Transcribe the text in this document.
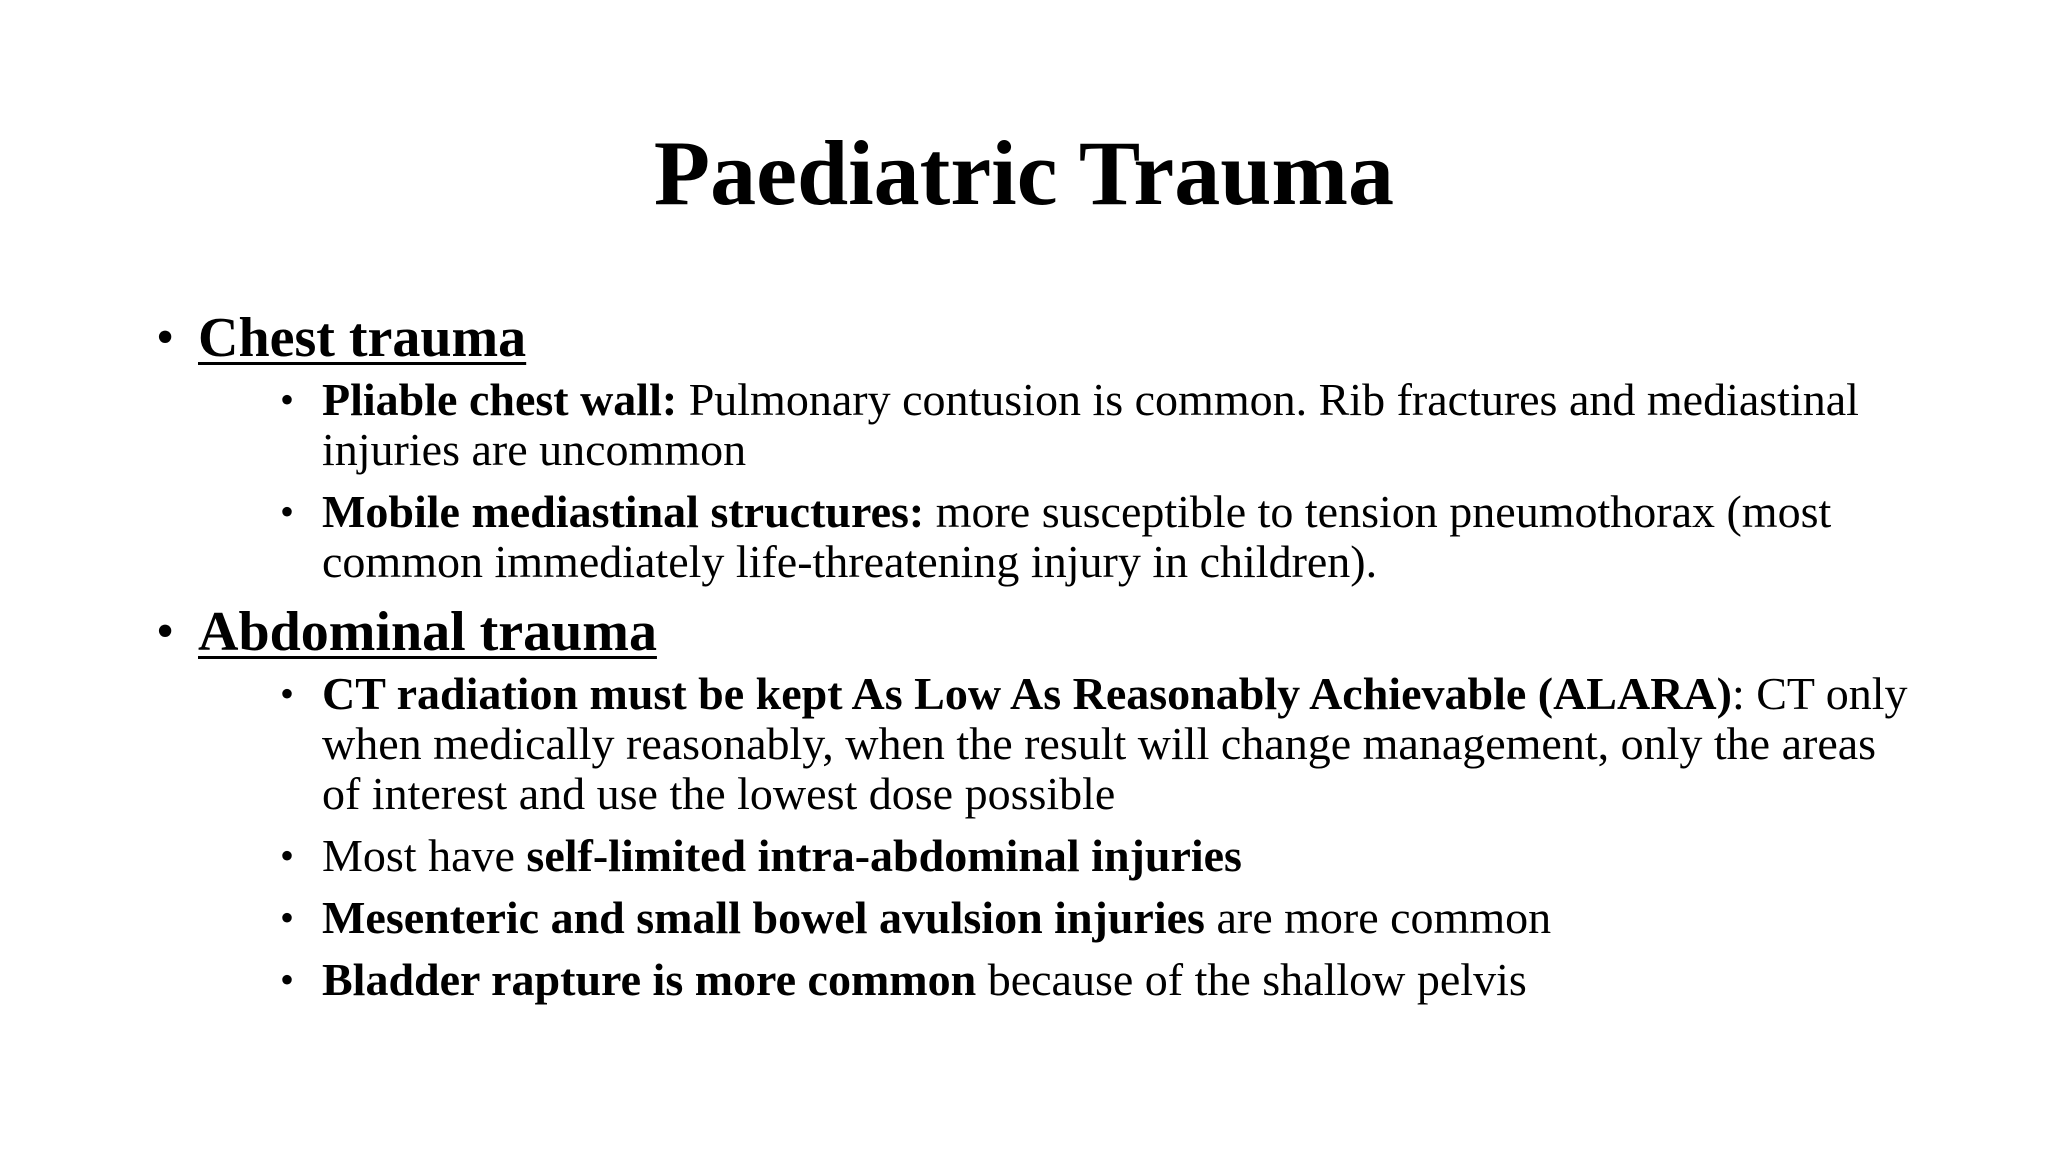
Paediatric Trauma
• Chest trauma
• Pliable chest wall: Pulmonary contusion is common. Rib fractures and mediastinal injuries are uncommon
• Mobile mediastinal structures: more susceptible to tension pneumothorax (most common immediately life-threatening injury in children).
• Abdominal trauma
• CT radiation must be kept As Low As Reasonably Achievable (ALARA): CT only when medically reasonably, when the result will change management, only the areas of interest and use the lowest dose possible
• Most have self-limited intra-abdominal injuries
• Mesenteric and small bowel avulsion injuries are more common
• Bladder rapture is more common because of the shallow pelvis
